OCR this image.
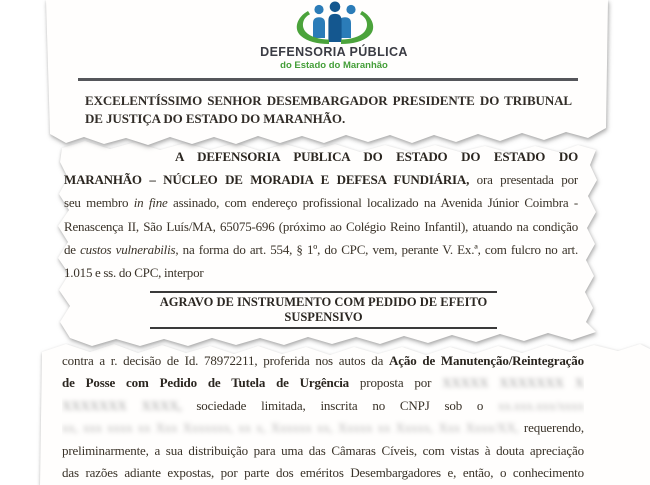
DEFENSORIA PÚBLICA
do Estado do Maranhão
EXCELENTÍSSIMO SENHOR DESEMBARGADOR PRESIDENTE DO TRIBUNAL
DE JUSTIÇA DO ESTADO DO MARANHÃO.
A DEFENSORIA PUBLICA DO ESTADO DO ESTADO DO
MARANHÃO – NÚCLEO DE MORADIA E DEFESA FUNDIÁRIA, ora presentada por
seu membro in fine assinado, com endereço profissional localizado na Avenida Júnior Coimbra -
Renascença II, São Luís/MA, 65075-696 (próximo ao Colégio Reino Infantil), atuando na condição
de custos vulnerabilis, na forma do art. 554, § 1º, do CPC, vem, perante V. Ex.ª, com fulcro no art.
1.015 e ss. do CPC, interpor
AGRAVO DE INSTRUMENTO COM PEDIDO DE EFEITO
SUSPENSIVO
contra a r. decisão de Id. 78972211, proferida nos autos da Ação de Manutenção/Reintegração
de Posse com Pedido de Tutela de Urgência proposta por XXXXX XXXXXXX X
XXXXXXX XXXX, sociedade limitada, inscrita no CNPJ sob o xx.xxx.xxx/xxxx
xx, xxx xxxx xx Xxx Xxxxxxx, xx x, Xxxxxx xx, Xxxxx xx Xxxxx, Xxx Xxxx/XX, requerendo,
preliminarmente, a sua distribuição para uma das Câmaras Cíveis, com vistas à douta apreciação
das razões adiante expostas, por parte dos eméritos Desembargadores e, então, o conhecimento
